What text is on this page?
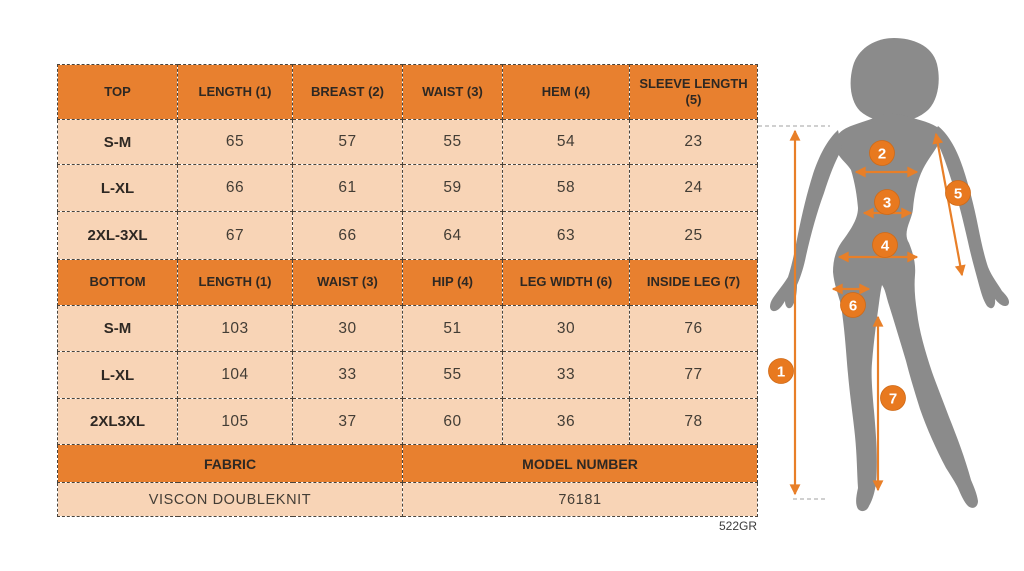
TOP	LENGTH (1)	BREAST (2)	WAIST (3)	HEM (4)	SLEEVE LENGTH (5)
S-M	65	57	55	54	23
L-XL	66	61	59	58	24
2XL-3XL	67	66	64	63	25
BOTTOM	LENGTH (1)	WAIST (3)	HIP (4)	LEG WIDTH (6)	INSIDE LEG (7)
S-M	103	30	51	30	76
L-XL	104	33	55	33	77
2XL3XL	105	37	60	36	78
FABRIC			MODEL NUMBER		
VISCON DOUBLEKNIT			76181		
522GR
1
2
3
4
5
6
7
